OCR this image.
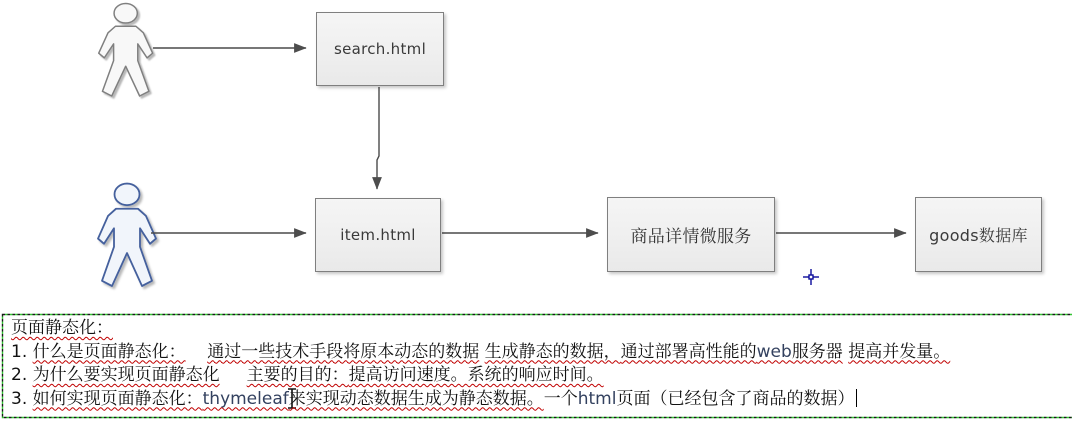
search.html
item.html	商品详情微服务	goods数据库
页面静态化：
1. 什么是页面静态化： 通过一些技术手段将原本动态的数据 生成静态的数据，通过部署高性能的web服务器 提高并发量。
2. 为什么要实现页面静态化 主要的目的：提高访问速度。系统的响应时间。
3. 如何实现页面静态化：thymeleaf来实现动态数据生成为静态数据。一个html页面（已经包含了商品的数据）
